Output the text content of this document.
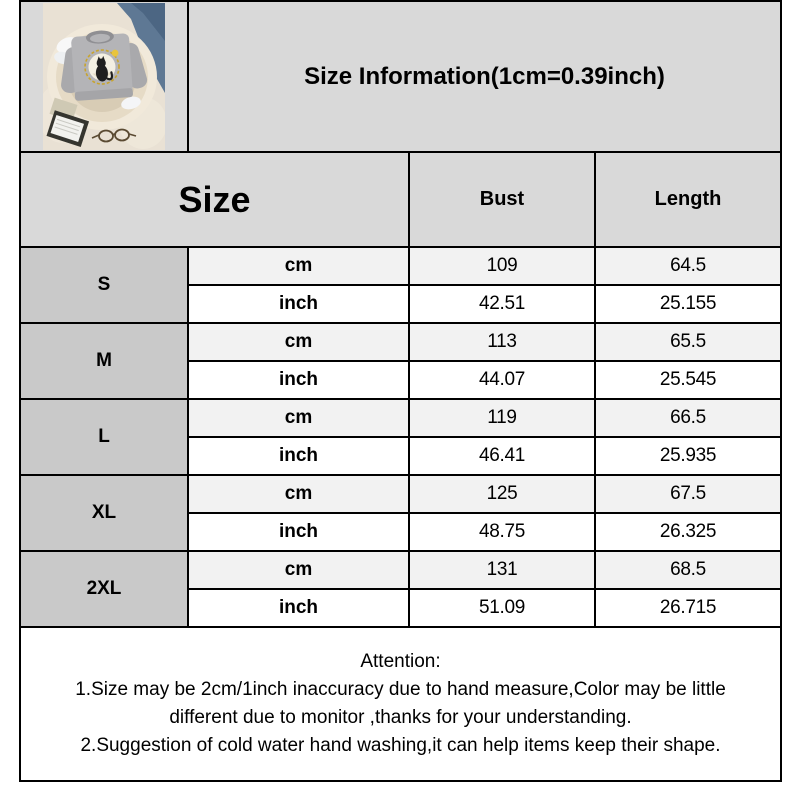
	Size Information(1cm=0.39inch)		
Size		Bust	Length
S	cm	109	64.5
	inch	42.51	25.155
M	cm	113	65.5
	inch	44.07	25.545
L	cm	119	66.5
	inch	46.41	25.935
XL	cm	125	67.5
	inch	48.75	26.325
2XL	cm	131	68.5
	inch	51.09	26.715

Attention:
1.Size may be 2cm/1inch inaccuracy due to hand measure,Color may be little
different due to monitor ,thanks for your understanding.
2.Suggestion of cold water hand washing,it can help items keep their shape.			
